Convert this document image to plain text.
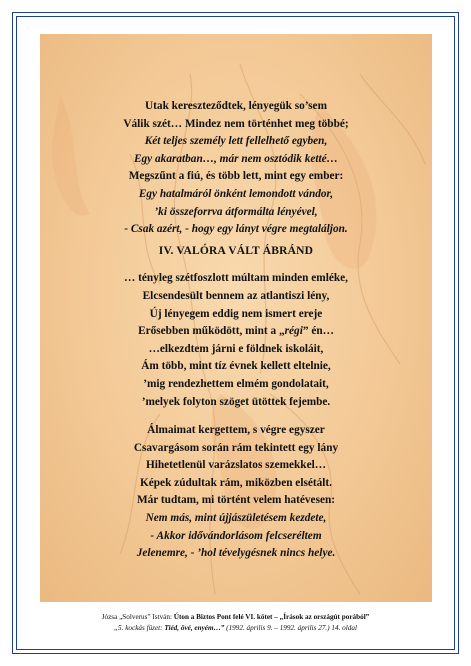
Utak kereszteződtek, lényegük so’sem
Válik szét… Mindez nem történhet meg többé;
Két teljes személy lett fellelhető egyben,
Egy akaratban…, már nem osztódik ketté…
Megszűnt a fiú, és több lett, mint egy ember:
Egy hatalmáról önként lemondott vándor,
’ki összeforrva átformálta lényével,
- Csak azért, - hogy egy lányt végre megtaláljon.
IV. VALÓRA VÁLT ÁBRÁND
… tényleg szétfoszlott múltam minden emléke,
Elcsendesült bennem az atlantiszi lény,
Új lényegem eddig nem ismert ereje
Erősebben működött, mint a „régi” én…
…elkezdtem járni e földnek iskoláit,
Ám több, mint tíz évnek kellett eltelnie,
’mig rendezhettem elmém gondolatait,
’melyek folyton szöget ütöttek fejembe.
Álmaimat kergettem, s végre egyszer
Csavargásom során rám tekintett egy lány
Hihetetlenül varázslatos szemekkel…
Képek zúdultak rám, miközben elsétált.
Már tudtam, mi történt velem hatévesen:
Nem más, mint újjászületésem kezdete,
- Akkor idővándorlásom felcseréltem
Jelenemre, - ’hol tévelygésnek nincs helye.
Józsa „Solverus” István: Úton a Biztos Pont felé VI. kötet – „Írások az országút porából”
„5. kockás füzet: Tiéd, övé, enyém…” (1992. április 9. – 1992. április 27.) 14. oldal
